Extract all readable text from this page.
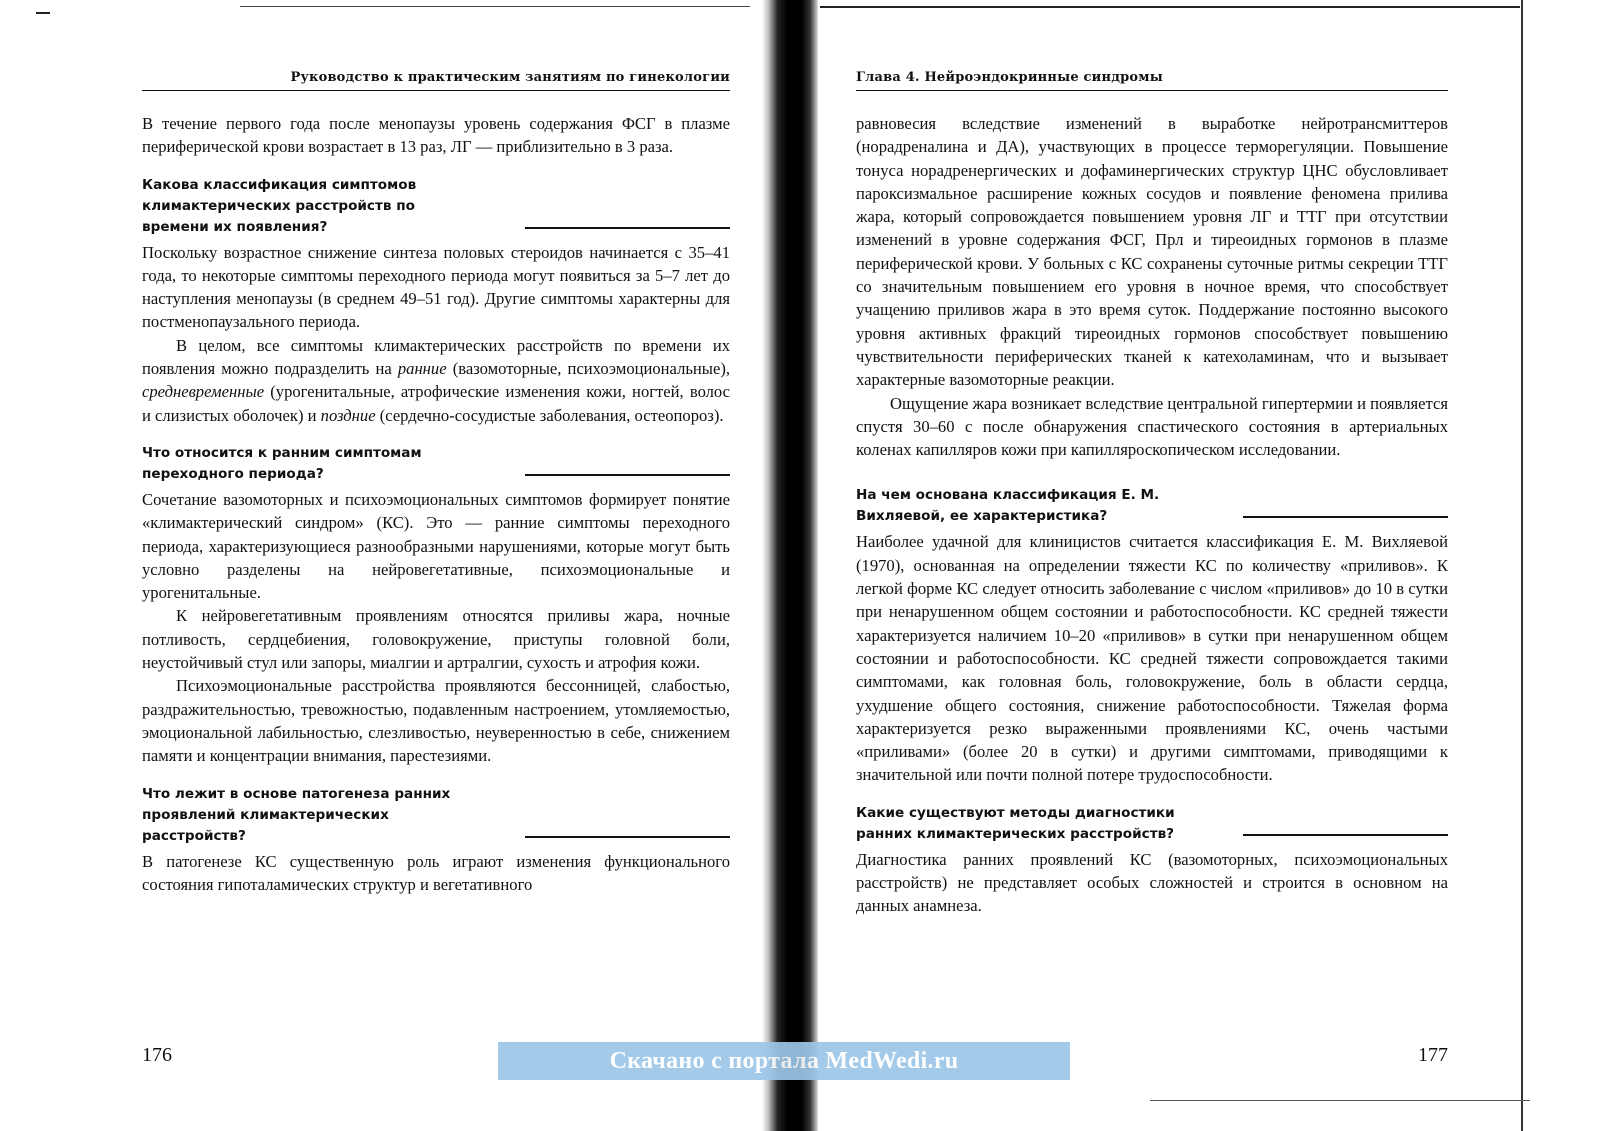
Руководство к практическим занятиям по гинекологии

В течение первого года после менопаузы уровень содержания ФСГ в плазме периферической крови возрастает в 13 раз, ЛГ — приблизительно в 3 раза.

Какова классификация симптомов климактерических расстройств по времени их появления?

Поскольку возрастное снижение синтеза половых стероидов начинается с 35–41 года, то некоторые симптомы переходного периода могут появиться за 5–7 лет до наступления менопаузы (в среднем 49–51 год). Другие симптомы характерны для постменопаузального периода.

В целом, все симптомы климактерических расстройств по времени их появления можно подразделить на ранние (вазомоторные, психоэмоциональные), средневременные (урогенитальные, атрофические изменения кожи, ногтей, волос и слизистых оболочек) и поздние (сердечно-сосудистые заболевания, остеопороз).

Что относится к ранним симптомам переходного периода?

Сочетание вазомоторных и психоэмоциональных симптомов формирует понятие «климактерический синдром» (КС). Это — ранние симптомы переходного периода, характеризующиеся разнообразными нарушениями, которые могут быть условно разделены на нейровегетативные, психоэмоциональные и урогенитальные.

К нейровегетативным проявлениям относятся приливы жара, ночные потливость, сердцебиения, головокружение, приступы головной боли, неустойчивый стул или запоры, миалгии и артралгии, сухость и атрофия кожи.

Психоэмоциональные расстройства проявляются бессонницей, слабостью, раздражительностью, тревожностью, подавленным настроением, утомляемостью, эмоциональной лабильностью, слезливостью, неуверенностью в себе, снижением памяти и концентрации внимания, парестезиями.

Что лежит в основе патогенеза ранних проявлений климактерических расстройств?

В патогенезе КС существенную роль играют изменения функционального состояния гипоталамических структур и вегетативного

176
Глава 4. Нейроэндокринные синдромы

равновесия вследствие изменений в выработке нейротрансмиттеров (норадреналина и ДА), участвующих в процессе терморегуляции. Повышение тонуса норадренергических и дофаминергических структур ЦНС обусловливает пароксизмальное расширение кожных сосудов и появление феномена прилива жара, который сопровождается повышением уровня ЛГ и ТТГ при отсутствии изменений в уровне содержания ФСГ, Прл и тиреоидных гормонов в плазме периферической крови. У больных с КС сохранены суточные ритмы секреции ТТГ со значительным повышением его уровня в ночное время, что способствует учащению приливов жара в это время суток. Поддержание постоянно высокого уровня активных фракций тиреоидных гормонов способствует повышению чувствительности периферических тканей к катехоламинам, что и вызывает характерные вазомоторные реакции.

Ощущение жара возникает вследствие центральной гипертермии и появляется спустя 30–60 с после обнаружения спастического состояния в артериальных коленах капилляров кожи при капилляроскопическом исследовании.

На чем основана классификация Е. М. Вихляевой, ее характеристика?

Наиболее удачной для клиницистов считается классификация Е. М. Вихляевой (1970), основанная на определении тяжести КС по количеству «приливов». К легкой форме КС следует относить заболевание с числом «приливов» до 10 в сутки при ненарушенном общем состоянии и работоспособности. КС средней тяжести характеризуется наличием 10–20 «приливов» в сутки при ненарушенном общем состоянии и работоспособности. КС средней тяжести сопровождается такими симптомами, как головная боль, головокружение, боль в области сердца, ухудшение общего состояния, снижение работоспособности. Тяжелая форма характеризуется резко выраженными проявлениями КС, очень частыми «приливами» (более 20 в сутки) и другими симптомами, приводящими к значительной или почти полной потере трудоспособности.

Какие существуют методы диагностики ранних климактерических расстройств?

Диагностика ранних проявлений КС (вазомоторных, психоэмоциональных расстройств) не представляет особых сложностей и строится в основном на данных анамнеза.

177
Скачано с портала MedWedi.ru
